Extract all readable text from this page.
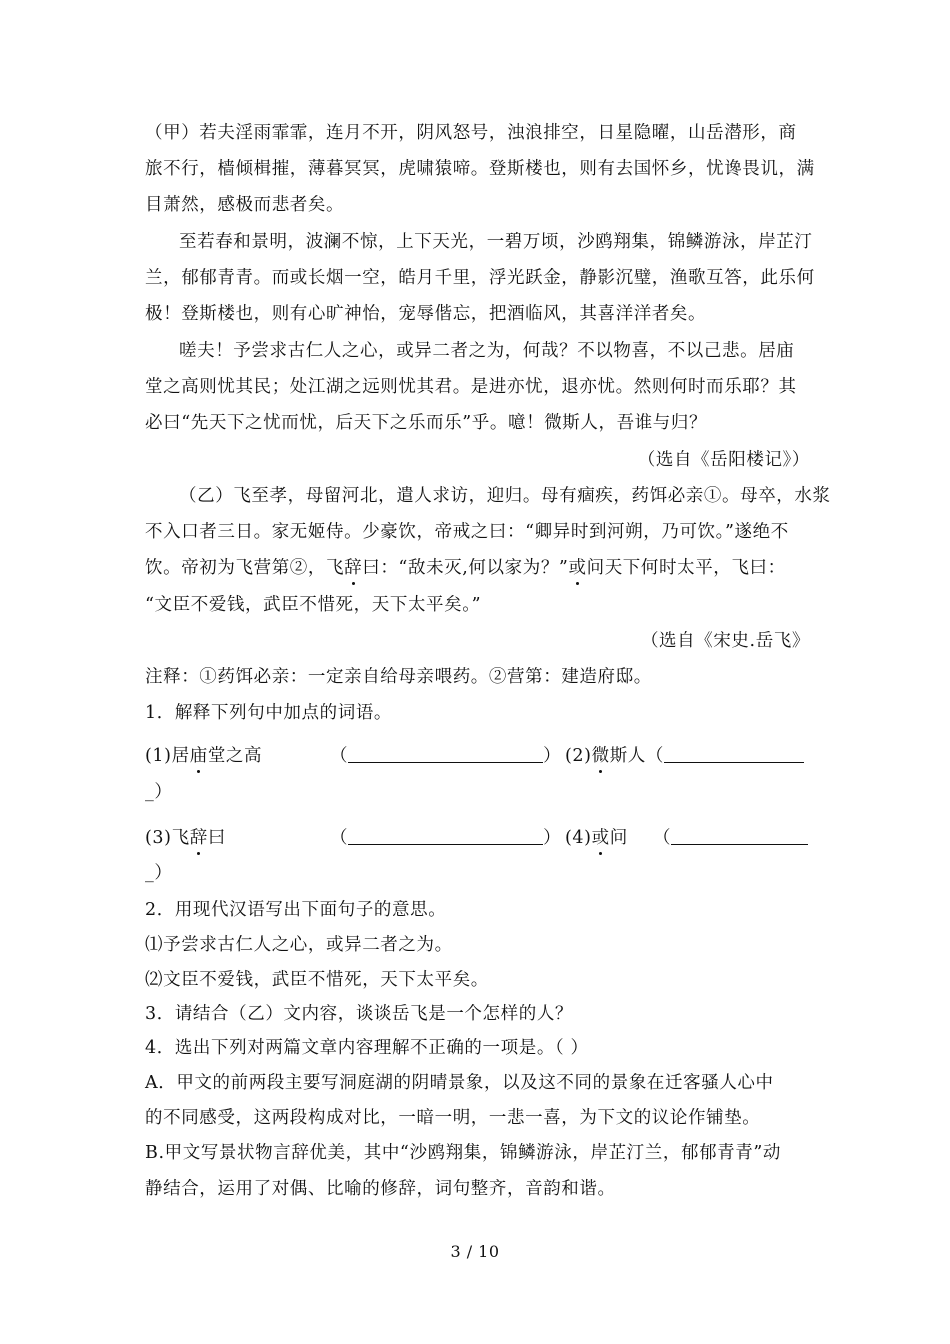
（甲）若夫淫雨霏霏，连月不开，阴风怒号，浊浪排空，日星隐曜，山岳潜形，商
旅不行，樯倾楫摧，薄暮冥冥，虎啸猿啼。登斯楼也，则有去国怀乡，忧谗畏讥，满
目萧然，感极而悲者矣。
至若春和景明，波澜不惊，上下天光，一碧万顷，沙鸥翔集，锦鳞游泳，岸芷汀
兰，郁郁青青。而或长烟一空，皓月千里，浮光跃金，静影沉璧，渔歌互答，此乐何
极！登斯楼也，则有心旷神怡，宠辱偕忘，把酒临风，其喜洋洋者矣。
嗟夫！予尝求古仁人之心，或异二者之为，何哉？不以物喜，不以己悲。居庙
堂之高则忧其民；处江湖之远则忧其君。是进亦忧，退亦忧。然则何时而乐耶？其
必曰“先天下之忧而忧，后天下之乐而乐”乎。噫！微斯人，吾谁与归？
（选自《岳阳楼记》）
（乙）飞至孝，母留河北，遣人求访，迎归。母有痼疾，药饵必亲①。母卒，水浆
不入口者三日。家无姬侍。少豪饮，帝戒之曰：“卿异时到河朔，乃可饮。”遂绝不
饮。帝初为飞营第②，飞辞曰：“敌未灭,何以家为？”或问天下何时太平，飞曰：
“文臣不爱钱，武臣不惜死，天下太平矣。”
（选自《宋史.岳飞》
注释：①药饵必亲：一定亲自给母亲喂药。②营第：建造府邸。
1．解释下列句中加点的词语。
(1)居庙堂之高	（	） (2)微斯人（
_）
(3)飞辞曰	（	） (4)或问 （
_）
2．用现代汉语写出下面句子的意思。
⑴予尝求古仁人之心，或异二者之为。
⑵文臣不爱钱，武臣不惜死，天下太平矣。
3．请结合（乙）文内容，谈谈岳飞是一个怎样的人？
4．选出下列对两篇文章内容理解不正确的一项是。（ ）
A．甲文的前两段主要写洞庭湖的阴晴景象，以及这不同的景象在迁客骚人心中
的不同感受，这两段构成对比，一暗一明，一悲一喜，为下文的议论作铺垫。
B.甲文写景状物言辞优美，其中“沙鸥翔集，锦鳞游泳，岸芷汀兰，郁郁青青”动
静结合，运用了对偶、比喻的修辞，词句整齐，音韵和谐。
3 / 10
